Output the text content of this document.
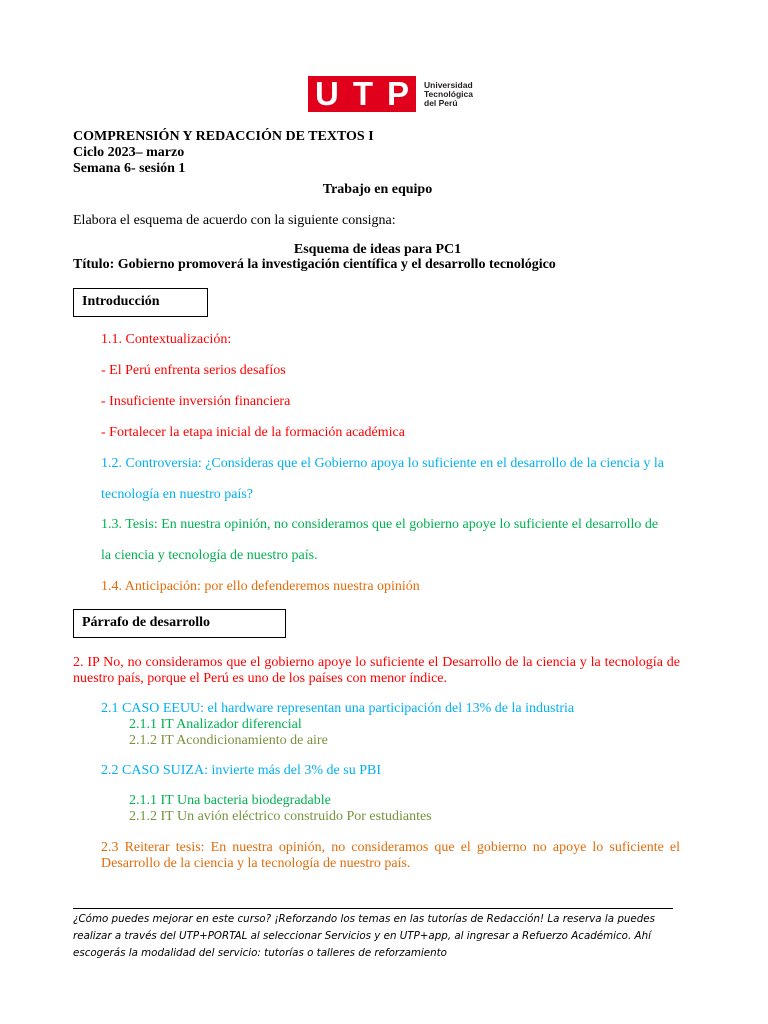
U T P Universidad
Tecnológica
del Perú
COMPRENSIÓN Y REDACCIÓN DE TEXTOS I
Ciclo 2023– marzo
Semana 6- sesión 1
Trabajo en equipo
Elabora el esquema de acuerdo con la siguiente consigna:
Esquema de ideas para PC1
Título: Gobierno promoverá la investigación científica y el desarrollo tecnológico
Introducción
1.1. Contextualización:
- El Perú enfrenta serios desafíos
- Insuficiente inversión financiera
- Fortalecer la etapa inicial de la formación académica
1.2. Controversia: ¿Consideras que el Gobierno apoya lo suficiente en el desarrollo de la ciencia y la
tecnología en nuestro país?
1.3. Tesis: En nuestra opinión, no consideramos que el gobierno apoye lo suficiente el desarrollo de
la ciencia y tecnología de nuestro país.
1.4. Anticipación: por ello defenderemos nuestra opinión
Párrafo de desarrollo
2. IP No, no consideramos que el gobierno apoye lo suficiente el Desarrollo de la ciencia y la tecnología de nuestro país, porque el Perú es uno de los países con menor índice.
2.1 CASO EEUU: el hardware representan una participación del 13% de la industria
2.1.1 IT Analizador diferencial
2.1.2 IT Acondicionamiento de aire
2.2 CASO SUIZA: invierte más del 3% de su PBI
2.1.1 IT Una bacteria biodegradable
2.1.2 IT Un avión eléctrico construido Por estudiantes
2.3 Reiterar tesis: En nuestra opinión, no consideramos que el gobierno no apoye lo suficiente el Desarrollo de la ciencia y la tecnología de nuestro país.
¿Cómo puedes mejorar en este curso? ¡Reforzando los temas en las tutorías de Redacción! La reserva la puedes realizar a través del UTP+PORTAL al seleccionar Servicios y en UTP+app, al ingresar a Refuerzo Académico. Ahí escogerás la modalidad del servicio: tutorías o talleres de reforzamiento
